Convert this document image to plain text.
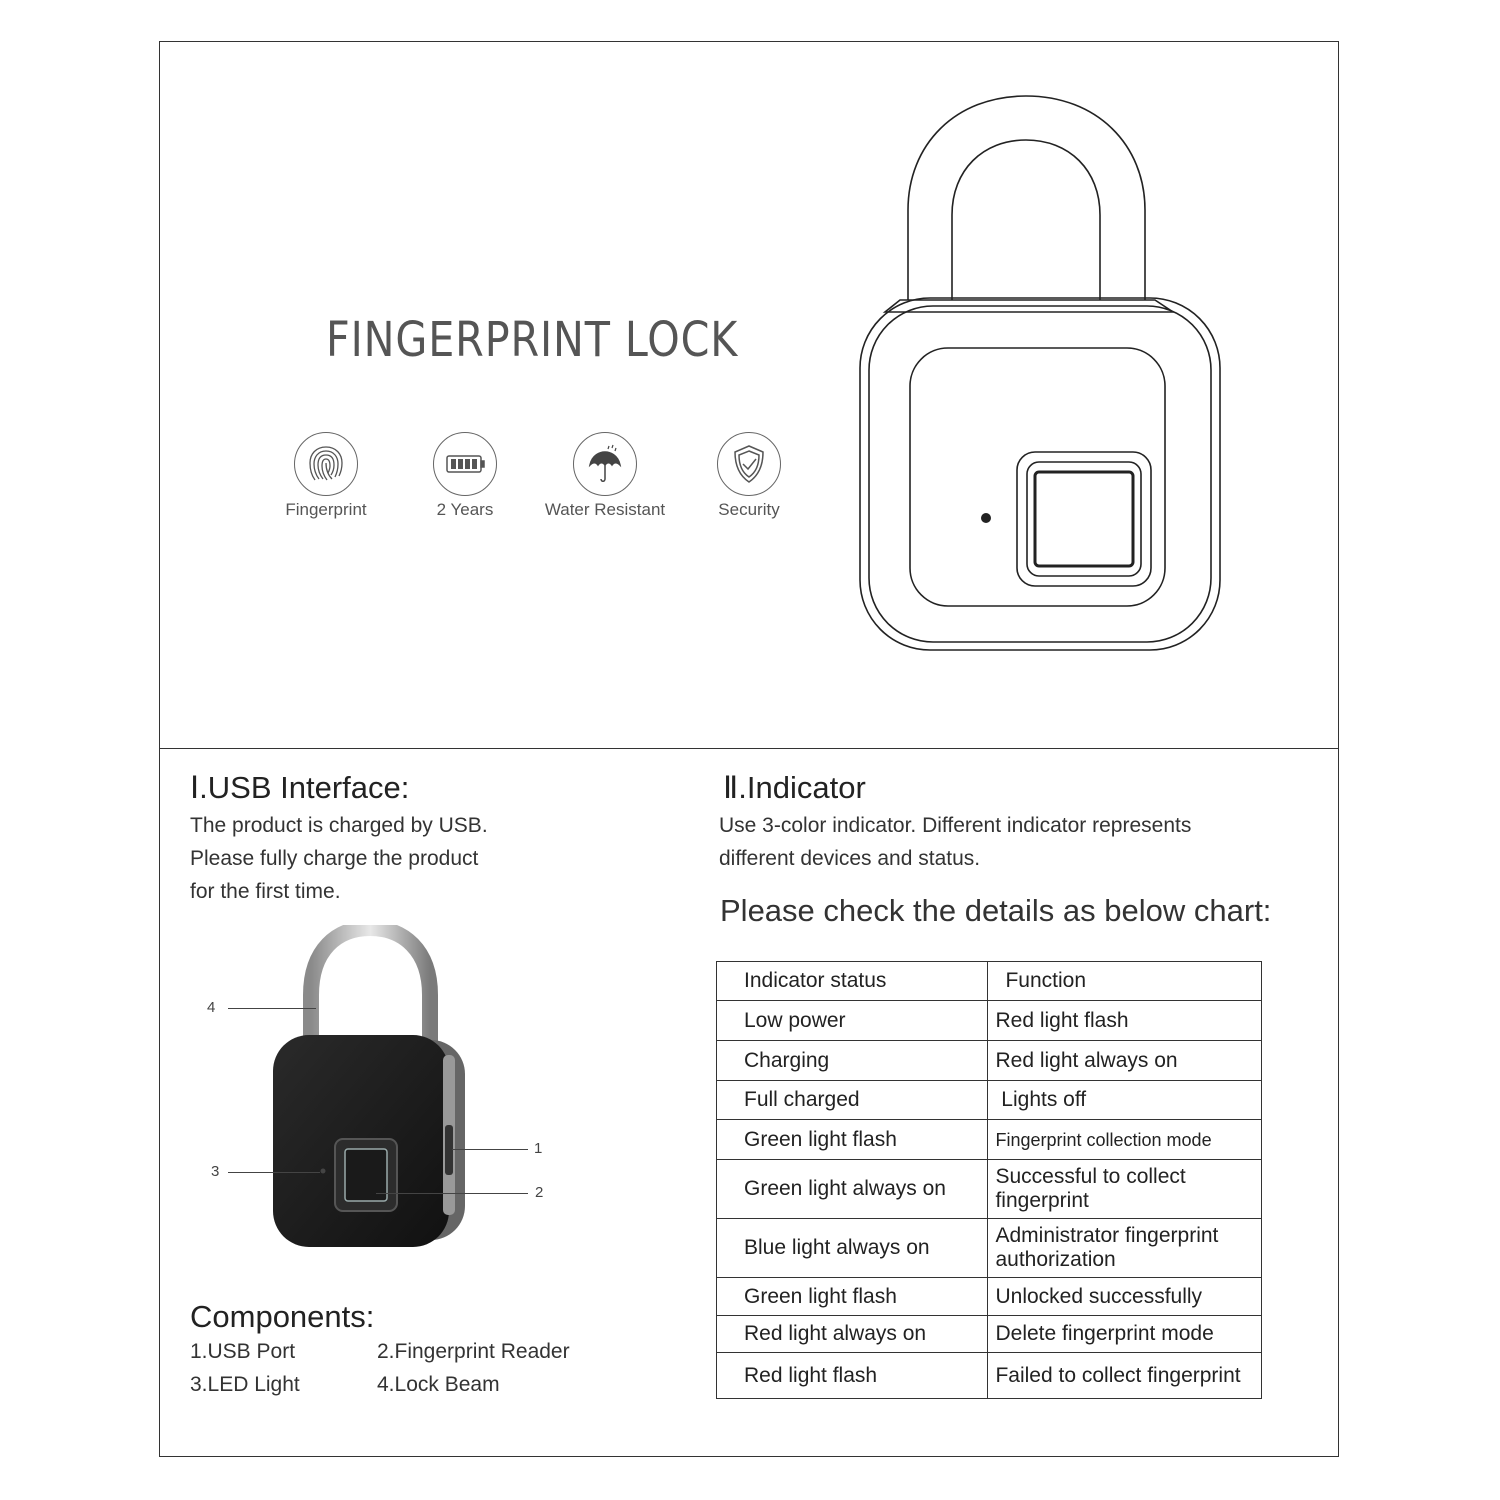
FINGERPRINT LOCK
Fingerprint	2 Years	Water Resistant	Security
Ⅰ.USB Interface:
The product is charged by USB.
Please fully charge the product
for the first time.
4
3
1
2
Components:
1.USB Port	2.Fingerprint Reader
3.LED Light	4.Lock Beam
Ⅱ.Indicator
Use 3-color indicator. Different indicator represents
different devices and status.
Please check the details as below chart:
Indicator status	Function
Low power	Red light flash
Charging	Red light always on
Full charged	Lights off
Green light flash	Fingerprint collection mode
Green light always on	Successful to collect fingerprint
Blue light always on	Administrator fingerprint authorization
Green light flash	Unlocked successfully
Red light always on	Delete fingerprint mode
Red light flash	Failed to collect fingerprint
